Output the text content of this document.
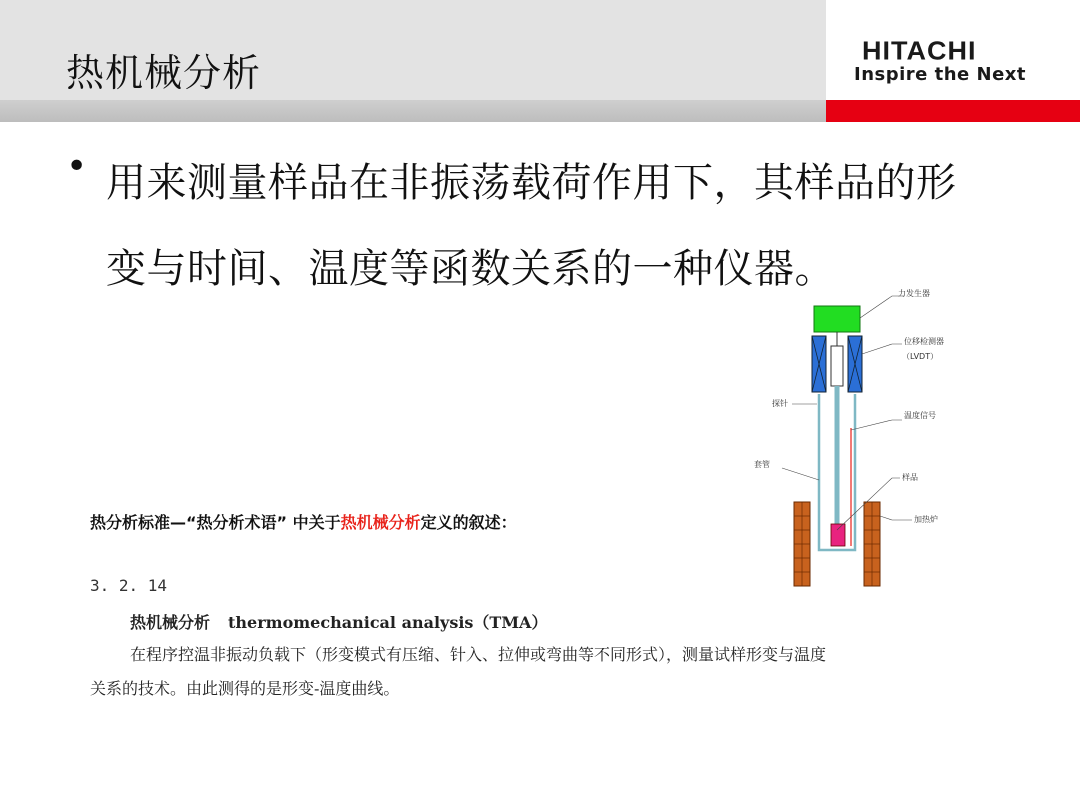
HITACHI
Inspire the Next
热机械分析
• 用来测量样品在非振荡载荷作用下，其样品的形变与时间、温度等函数关系的一种仪器。
热分析标准—“热分析术语” 中关于热机械分析定义的叙述：
3. 2. 14
热机械分析 thermomechanical analysis（TMA）
在程序控温非振动负载下（形变模式有压缩、针入、拉伸或弯曲等不同形式），测量试样形变与温度
关系的技术。由此测得的是形变-温度曲线。
力发生器
位移检测器
（LVDT）
探针
温度信号
套管
样品
加热炉
